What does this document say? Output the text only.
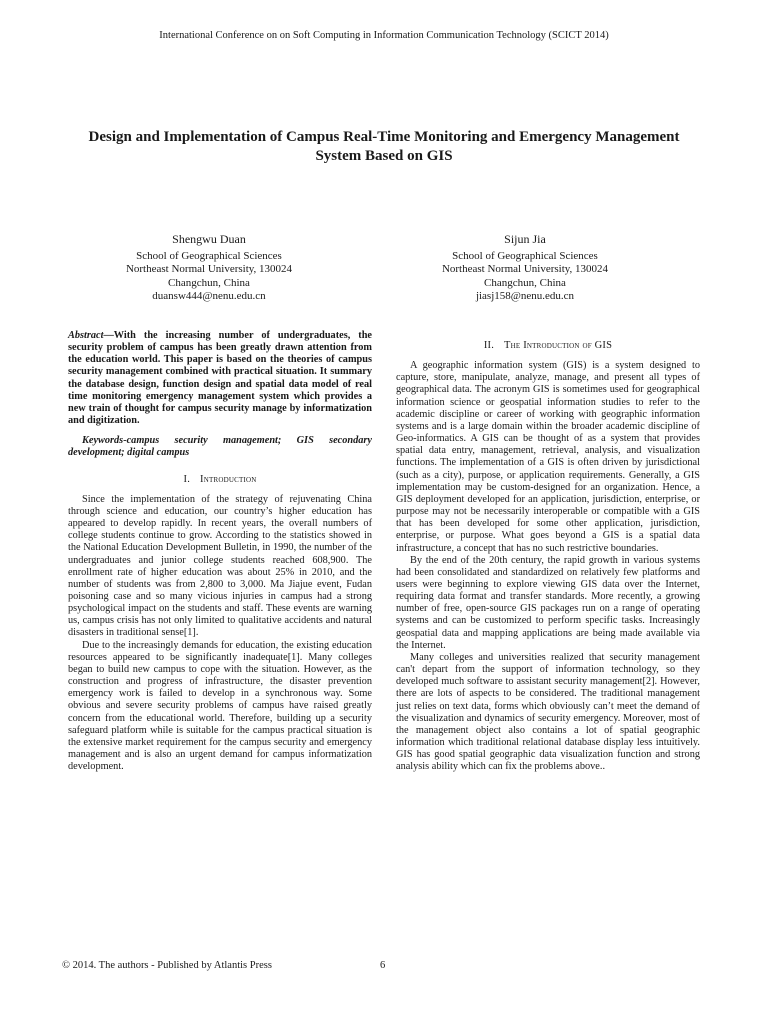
International Conference on on Soft Computing in Information Communication Technology (SCICT 2014)
Design and Implementation of Campus Real-Time Monitoring and Emergency Management System Based on GIS
Shengwu Duan
School of Geographical Sciences
Northeast Normal University, 130024
Changchun, China
duansw444@nenu.edu.cn
Sijun Jia
School of Geographical Sciences
Northeast Normal University, 130024
Changchun, China
jiasj158@nenu.edu.cn

Abstract—With the increasing number of undergraduates, the security problem of campus has been greatly drawn attention from the education world. This paper is based on the theories of campus security management combined with practical situation. It summary the database design, function design and spatial data model of real time monitoring emergency management system which provides a new train of thought for campus security manage by informatization and digitization.

Keywords-campus security management; GIS secondary development; digital campus

I. Introduction

Since the implementation of the strategy of rejuvenating China through science and education, our country’s higher education has appeared to develop rapidly. In recent years, the overall numbers of college students continue to grow. According to the statistics showed in the National Education Development Bulletin, in 1990, the number of the undergraduates and junior college students reached 608,900. The enrollment rate of higher education was about 25% in 2010, and the number of students was from 2,800 to 3,000. Ma Jiajue event, Fudan poisoning case and so many vicious injuries in campus had a strong psychological impact on the students and staff. These events are warning us, campus crisis has not only limited to qualitative accidents and natural disasters in traditional sense[1].

Due to the increasingly demands for education, the existing education resources appeared to be significantly inadequate[1]. Many colleges began to build new campus to cope with the situation. However, as the construction and progress of infrastructure, the disaster prevention emergency work is failed to develop in a synchronous way. Some obvious and severe security problems of campus have raised greatly concern from the educational world. Therefore, building up a security safeguard platform while is suitable for the campus practical situation is the extensive market requirement for the campus security and emergency management and is also an urgent demand for campus informatization development.

II. The Introduction of GIS

A geographic information system (GIS) is a system designed to capture, store, manipulate, analyze, manage, and present all types of geographical data. The acronym GIS is sometimes used for geographical information science or geospatial information studies to refer to the academic discipline or career of working with geographic information systems and is a large domain within the broader academic discipline of Geo-informatics. A GIS can be thought of as a system that provides spatial data entry, management, retrieval, analysis, and visualization functions. The implementation of a GIS is often driven by jurisdictional (such as a city), purpose, or application requirements. Generally, a GIS implementation may be custom-designed for an organization. Hence, a GIS deployment developed for an application, jurisdiction, enterprise, or purpose may not be necessarily interoperable or compatible with a GIS that has been developed for some other application, jurisdiction, enterprise, or purpose. What goes beyond a GIS is a spatial data infrastructure, a concept that has no such restrictive boundaries.

By the end of the 20th century, the rapid growth in various systems had been consolidated and standardized on relatively few platforms and users were beginning to explore viewing GIS data over the Internet, requiring data format and transfer standards. More recently, a growing number of free, open-source GIS packages run on a range of operating systems and can be customized to perform specific tasks. Increasingly geospatial data and mapping applications are being made available via the Internet.

Many colleges and universities realized that security management can't depart from the support of information technology, so they developed much software to assistant security management[2]. However, there are lots of aspects to be considered. The traditional management just relies on text data, forms which obviously can’t meet the demand of the visualization and dynamics of security emergency. Moreover, most of the management object also contains a lot of spatial geographic information which traditional relational database display less intuitively. GIS has good spatial geographic data visualization function and strong analysis ability which can fix the problems above..

© 2014. The authors - Published by Atlantis Press	6
